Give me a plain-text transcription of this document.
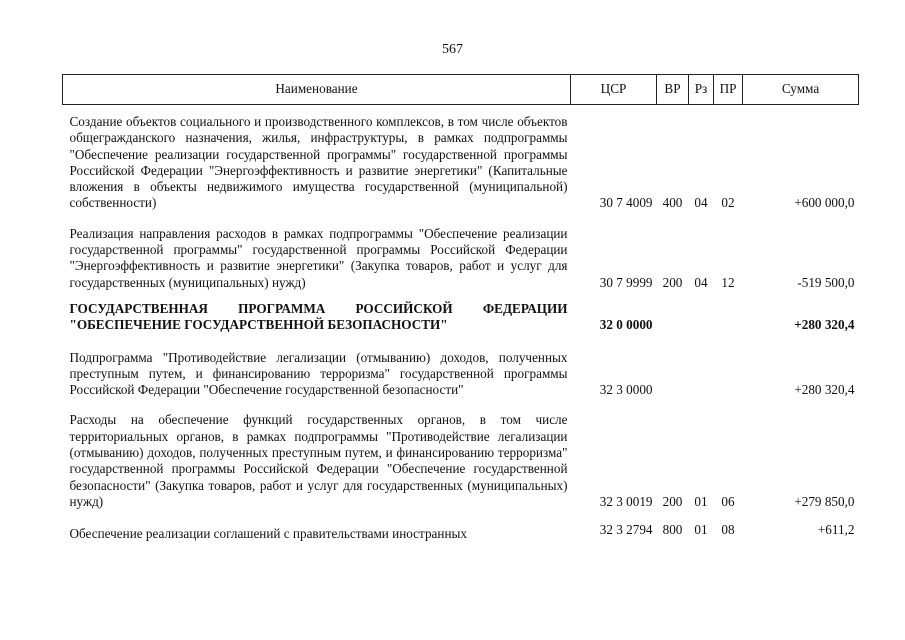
567
Наименование	ЦСР	ВР	Рз	ПР	Сумма
Создание объектов социального и производственного комплексов, в том числе объектов общегражданского назначения, жилья, инфраструктуры, в рамках подпрограммы "Обеспечение реализации государственной программы" государственной программы Российской Федерации "Энергоэффективность и развитие энергетики" (Капитальные вложения в объекты недвижимого имущества государственной (муниципальной) собственности)	30 7 4009	400	04	02	+600 000,0
Реализация направления расходов в рамках подпрограммы "Обеспечение реализации государственной программы" государственной программы Российской Федерации "Энергоэффективность и развитие энергетики" (Закупка товаров, работ и услуг для государственных (муниципальных) нужд)	30 7 9999	200	04	12	-519 500,0
ГОСУДАРСТВЕННАЯ ПРОГРАММА РОССИЙСКОЙ ФЕДЕРАЦИИ "ОБЕСПЕЧЕНИЕ ГОСУДАРСТВЕННОЙ БЕЗОПАСНОСТИ"	32 0 0000				+280 320,4
Подпрограмма "Противодействие легализации (отмыванию) доходов, полученных преступным путем, и финансированию терроризма" государственной программы Российской Федерации "Обеспечение государственной безопасности"	32 3 0000				+280 320,4
Расходы на обеспечение функций государственных органов, в том числе территориальных органов, в рамках подпрограммы "Противодействие легализации (отмыванию) доходов, полученных преступным путем, и финансированию терроризма" государственной программы Российской Федерации "Обеспечение государственной безопасности" (Закупка товаров, работ и услуг для государственных (муниципальных) нужд)	32 3 0019	200	01	06	+279 850,0
Обеспечение реализации соглашений с правительствами иностранных	32 3 2794	800	01	08	+611,2
